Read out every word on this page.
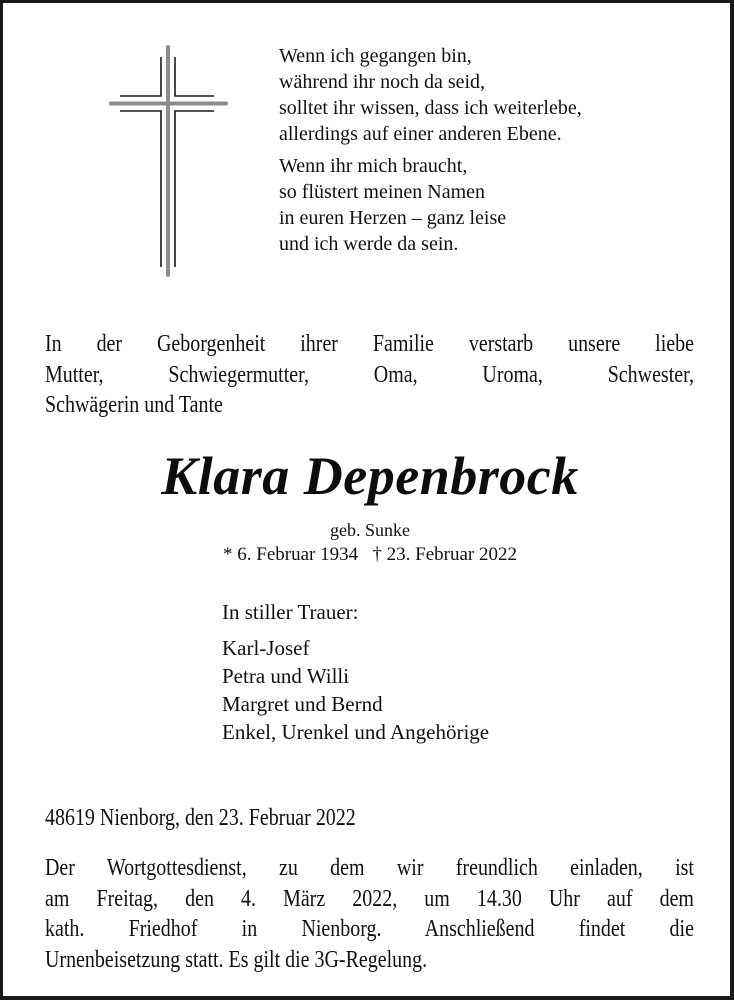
Wenn ich gegangen bin,
während ihr noch da seid,
solltet ihr wissen, dass ich weiterlebe,
allerdings auf einer anderen Ebene.

Wenn ihr mich braucht,
so flüstert meinen Namen
in euren Herzen – ganz leise
und ich werde da sein.

In der Geborgenheit ihrer Familie verstarb unsere liebe
Mutter, Schwiegermutter, Oma, Uroma, Schwester,
Schwägerin und Tante
Klara Depenbrock
geb. Sunke
* 6. Februar 1934 † 23. Februar 2022
In stiller Trauer:
Karl-Josef
Petra und Willi
Margret und Bernd
Enkel, Urenkel und Angehörige
48619 Nienborg, den 23. Februar 2022
Der Wortgottesdienst, zu dem wir freundlich einladen, ist
am Freitag, den 4. März 2022, um 14.30 Uhr auf dem
kath. Friedhof in Nienborg. Anschließend findet die
Urnenbeisetzung statt. Es gilt die 3G-Regelung.
